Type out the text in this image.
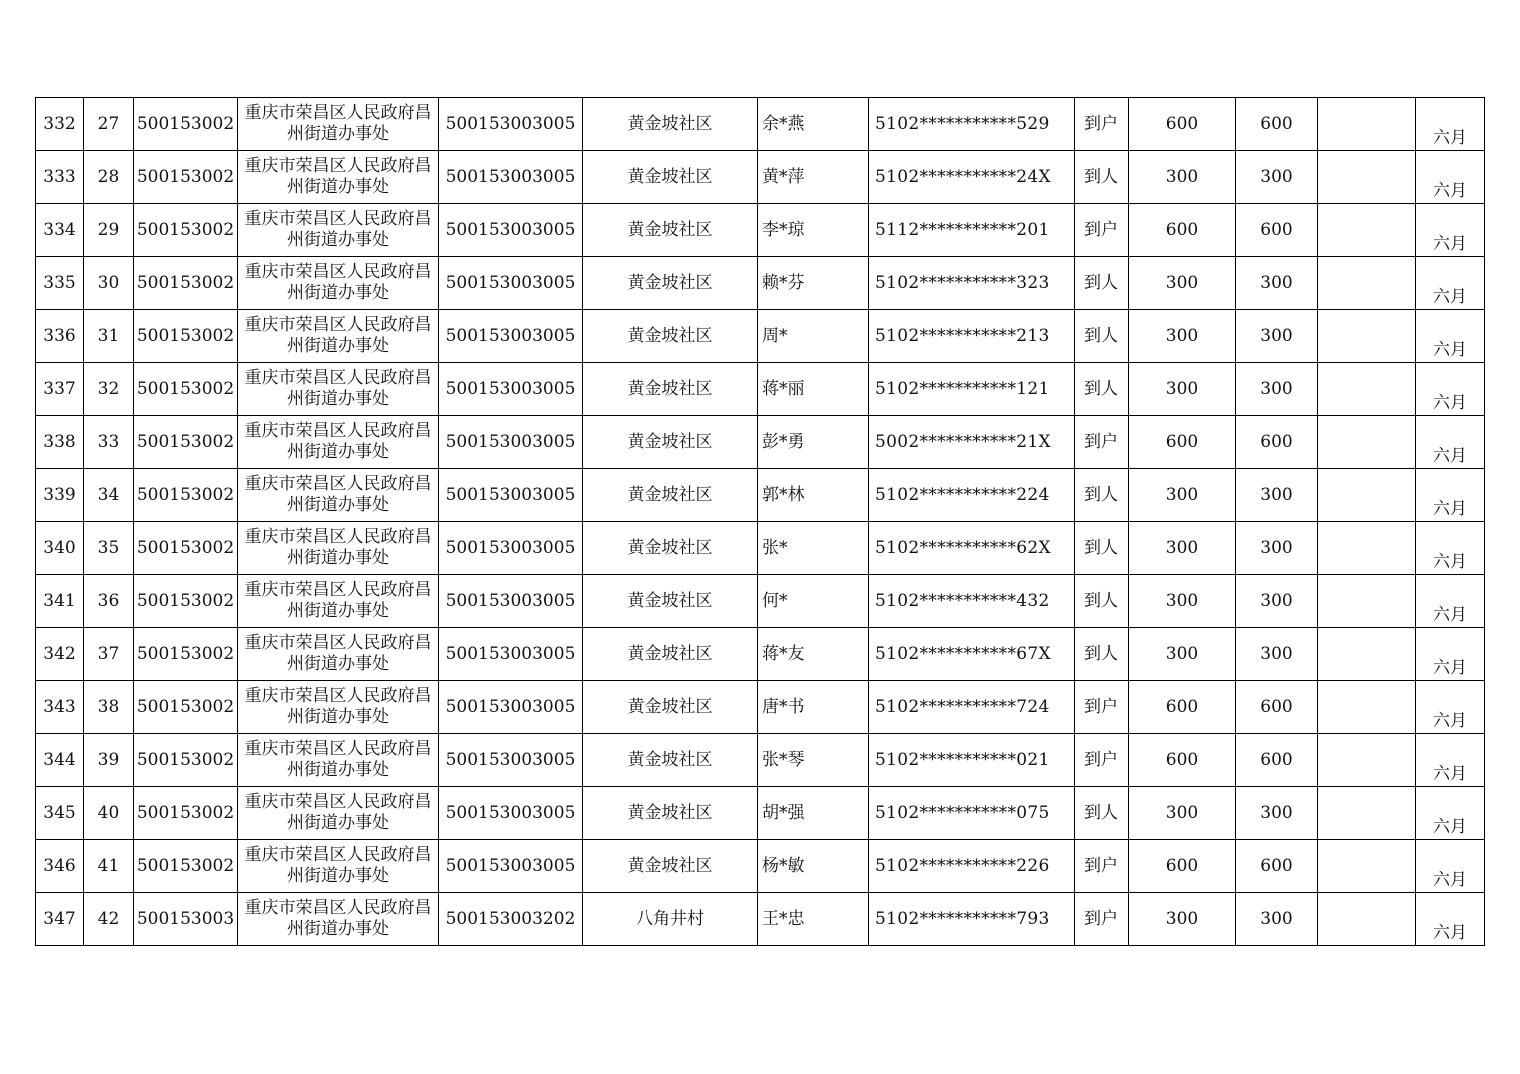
332	27	500153002	重庆市荣昌区人民政府昌州街道办事处	500153003005	黄金坡社区	余*燕	5102***********529	到户	600	600		六月
333	28	500153002	重庆市荣昌区人民政府昌州街道办事处	500153003005	黄金坡社区	黄*萍	5102***********24X	到人	300	300		六月
334	29	500153002	重庆市荣昌区人民政府昌州街道办事处	500153003005	黄金坡社区	李*琼	5112***********201	到户	600	600		六月
335	30	500153002	重庆市荣昌区人民政府昌州街道办事处	500153003005	黄金坡社区	赖*芬	5102***********323	到人	300	300		六月
336	31	500153002	重庆市荣昌区人民政府昌州街道办事处	500153003005	黄金坡社区	周*	5102***********213	到人	300	300		六月
337	32	500153002	重庆市荣昌区人民政府昌州街道办事处	500153003005	黄金坡社区	蒋*丽	5102***********121	到人	300	300		六月
338	33	500153002	重庆市荣昌区人民政府昌州街道办事处	500153003005	黄金坡社区	彭*勇	5002***********21X	到户	600	600		六月
339	34	500153002	重庆市荣昌区人民政府昌州街道办事处	500153003005	黄金坡社区	郭*林	5102***********224	到人	300	300		六月
340	35	500153002	重庆市荣昌区人民政府昌州街道办事处	500153003005	黄金坡社区	张*	5102***********62X	到人	300	300		六月
341	36	500153002	重庆市荣昌区人民政府昌州街道办事处	500153003005	黄金坡社区	何*	5102***********432	到人	300	300		六月
342	37	500153002	重庆市荣昌区人民政府昌州街道办事处	500153003005	黄金坡社区	蒋*友	5102***********67X	到人	300	300		六月
343	38	500153002	重庆市荣昌区人民政府昌州街道办事处	500153003005	黄金坡社区	唐*书	5102***********724	到户	600	600		六月
344	39	500153002	重庆市荣昌区人民政府昌州街道办事处	500153003005	黄金坡社区	张*琴	5102***********021	到户	600	600		六月
345	40	500153002	重庆市荣昌区人民政府昌州街道办事处	500153003005	黄金坡社区	胡*强	5102***********075	到人	300	300		六月
346	41	500153002	重庆市荣昌区人民政府昌州街道办事处	500153003005	黄金坡社区	杨*敏	5102***********226	到户	600	600		六月
347	42	500153003	重庆市荣昌区人民政府昌州街道办事处	500153003202	八角井村	王*忠	5102***********793	到户	300	300		六月
